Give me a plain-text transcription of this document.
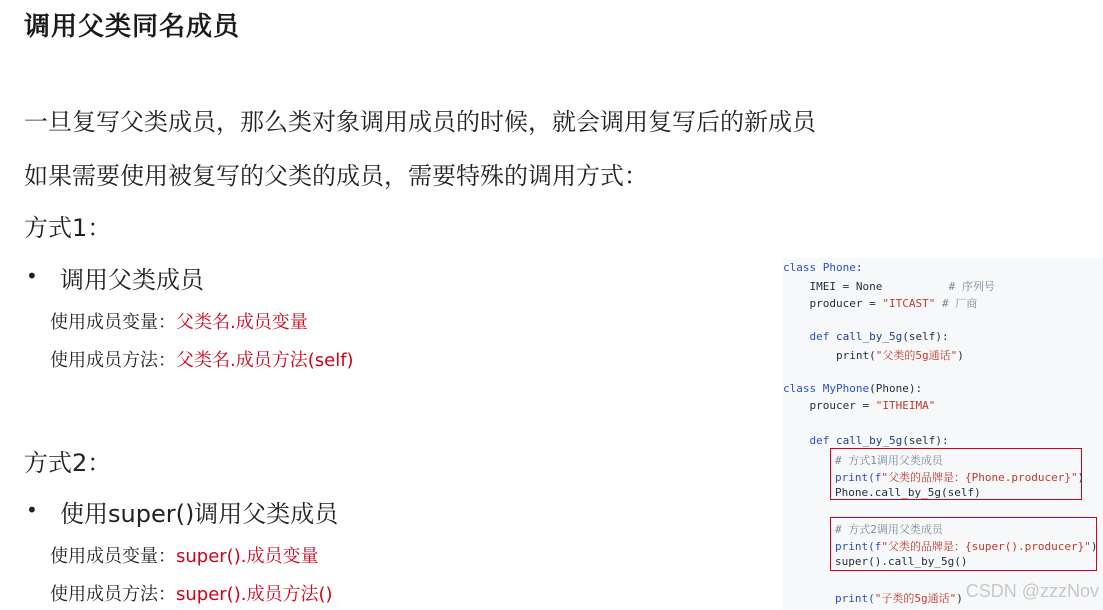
调用父类同名成员
一旦复写父类成员，那么类对象调用成员的时候，就会调用复写后的新成员
如果需要使用被复写的父类的成员，需要特殊的调用方式：
方式1：
• 调用父类成员
使用成员变量：父类名.成员变量
使用成员方法：父类名.成员方法(self)
方式2：
• 使用super()调用父类成员
使用成员变量：super().成员变量
使用成员方法：super().成员方法()
class Phone:
IMEI = None	# 序列号
producer = "ITCAST" # 厂商
def call_by_5g(self):
print("父类的5g通话")
class MyPhone(Phone):
proucer = "ITHEIMA"
def call_by_5g(self):
# 方式1调用父类成员
print(f"父类的品牌是：{Phone.producer}")
Phone.call_by_5g(self)
# 方式2调用父类成员
print(f"父类的品牌是：{super().producer}")
super().call_by_5g()
print("子类的5g通话") CSDN @zzzNov
